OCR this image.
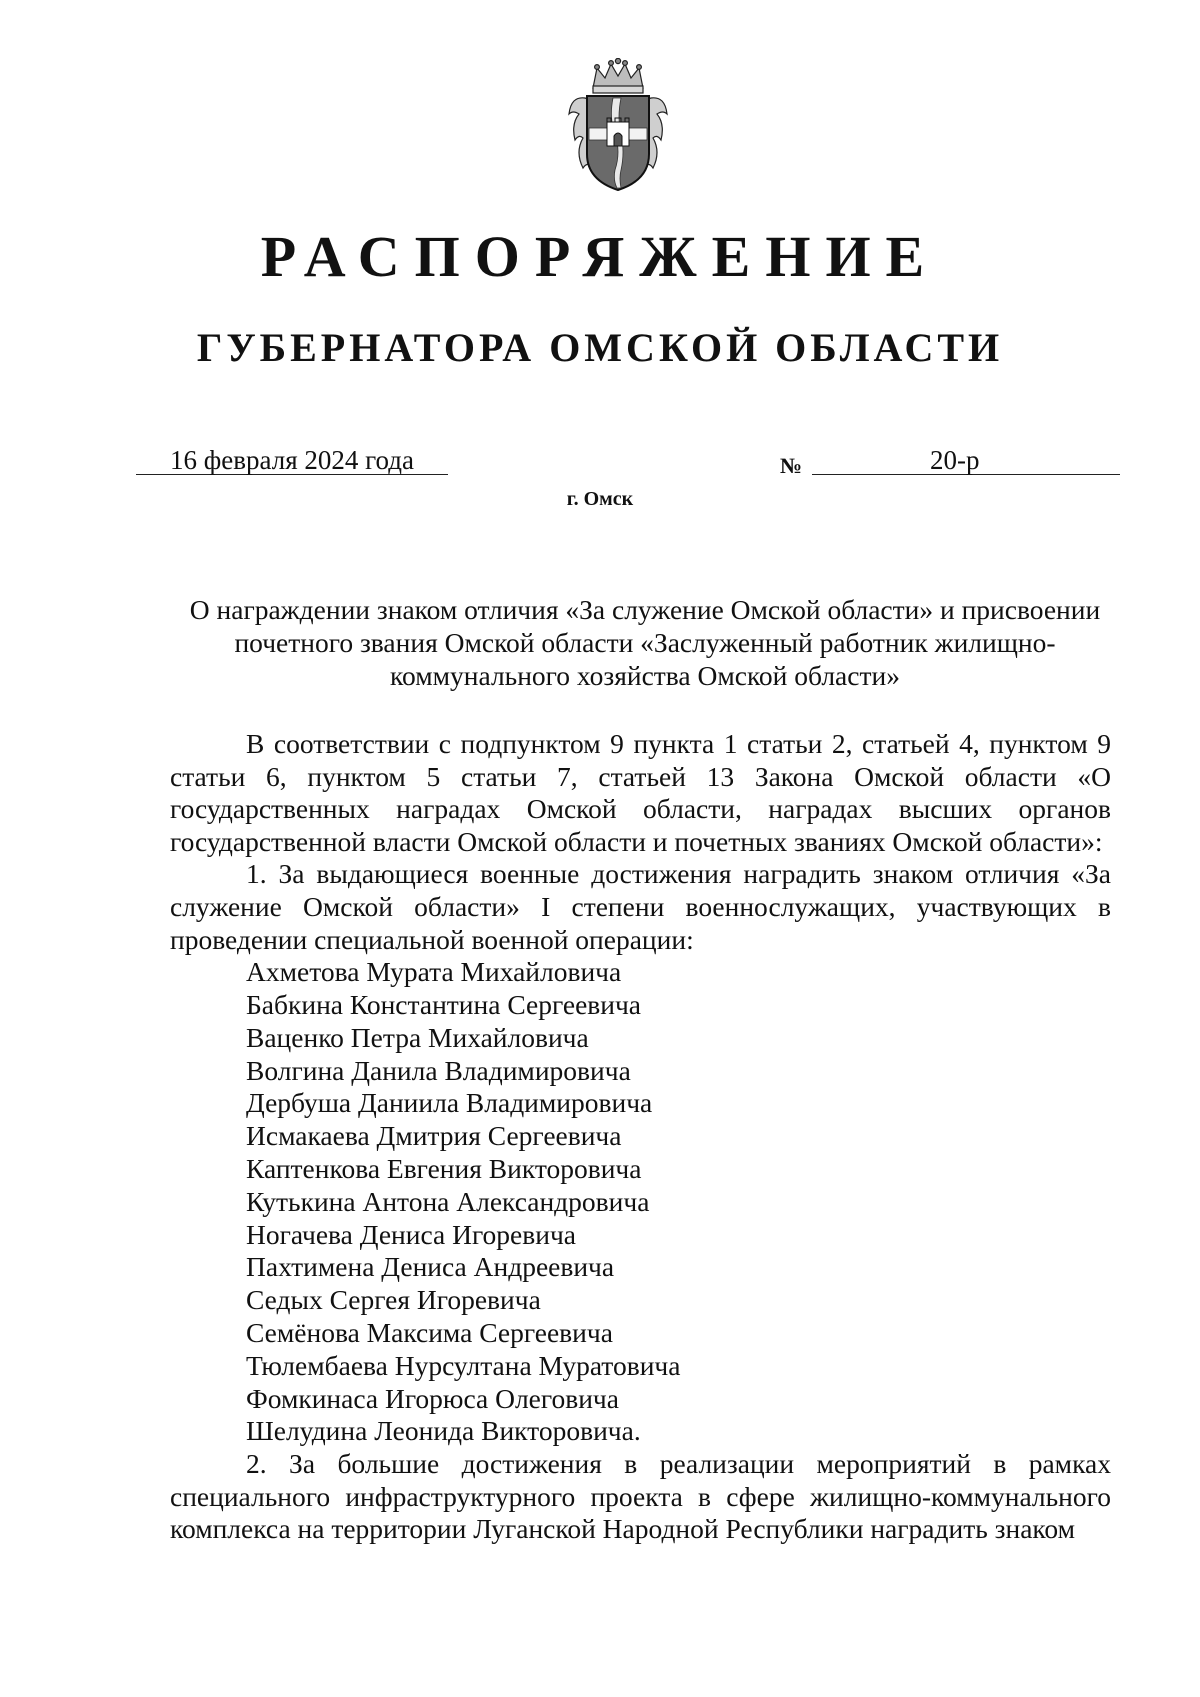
РАСПОРЯЖЕНИЕ
ГУБЕРНАТОРА ОМСКОЙ ОБЛАСТИ
16 февраля 2024 года	№	20-р
г. Омск
О награждении знаком отличия «За служение Омской области» и присвоении почетного звания Омской области «Заслуженный работник жилищно-коммунального хозяйства Омской области»

В соответствии с подпунктом 9 пункта 1 статьи 2, статьей 4, пунктом 9 статьи 6, пунктом 5 статьи 7, статьей 13 Закона Омской области «О государственных наградах Омской области, наградах высших органов государственной власти Омской области и почетных званиях Омской области»:

1. За выдающиеся военные достижения наградить знаком отличия «За служение Омской области» I степени военнослужащих, участвующих в проведении специальной военной операции:

Ахметова Мурата Михайловича
Бабкина Константина Сергеевича
Ваценко Петра Михайловича
Волгина Данила Владимировича
Дербуша Даниила Владимировича
Исмакаева Дмитрия Сергеевича
Каптенкова Евгения Викторовича
Кутькина Антона Александровича
Ногачева Дениса Игоревича
Пахтимена Дениса Андреевича
Седых Сергея Игоревича
Семёнова Максима Сергеевича
Тюлембаева Нурсултана Муратовича
Фомкинаса Игорюса Олеговича
Шелудина Леонида Викторовича.

2. За большие достижения в реализации мероприятий в рамках специального инфраструктурного проекта в сфере жилищно-коммунального комплекса на территории Луганской Народной Республики наградить знаком
